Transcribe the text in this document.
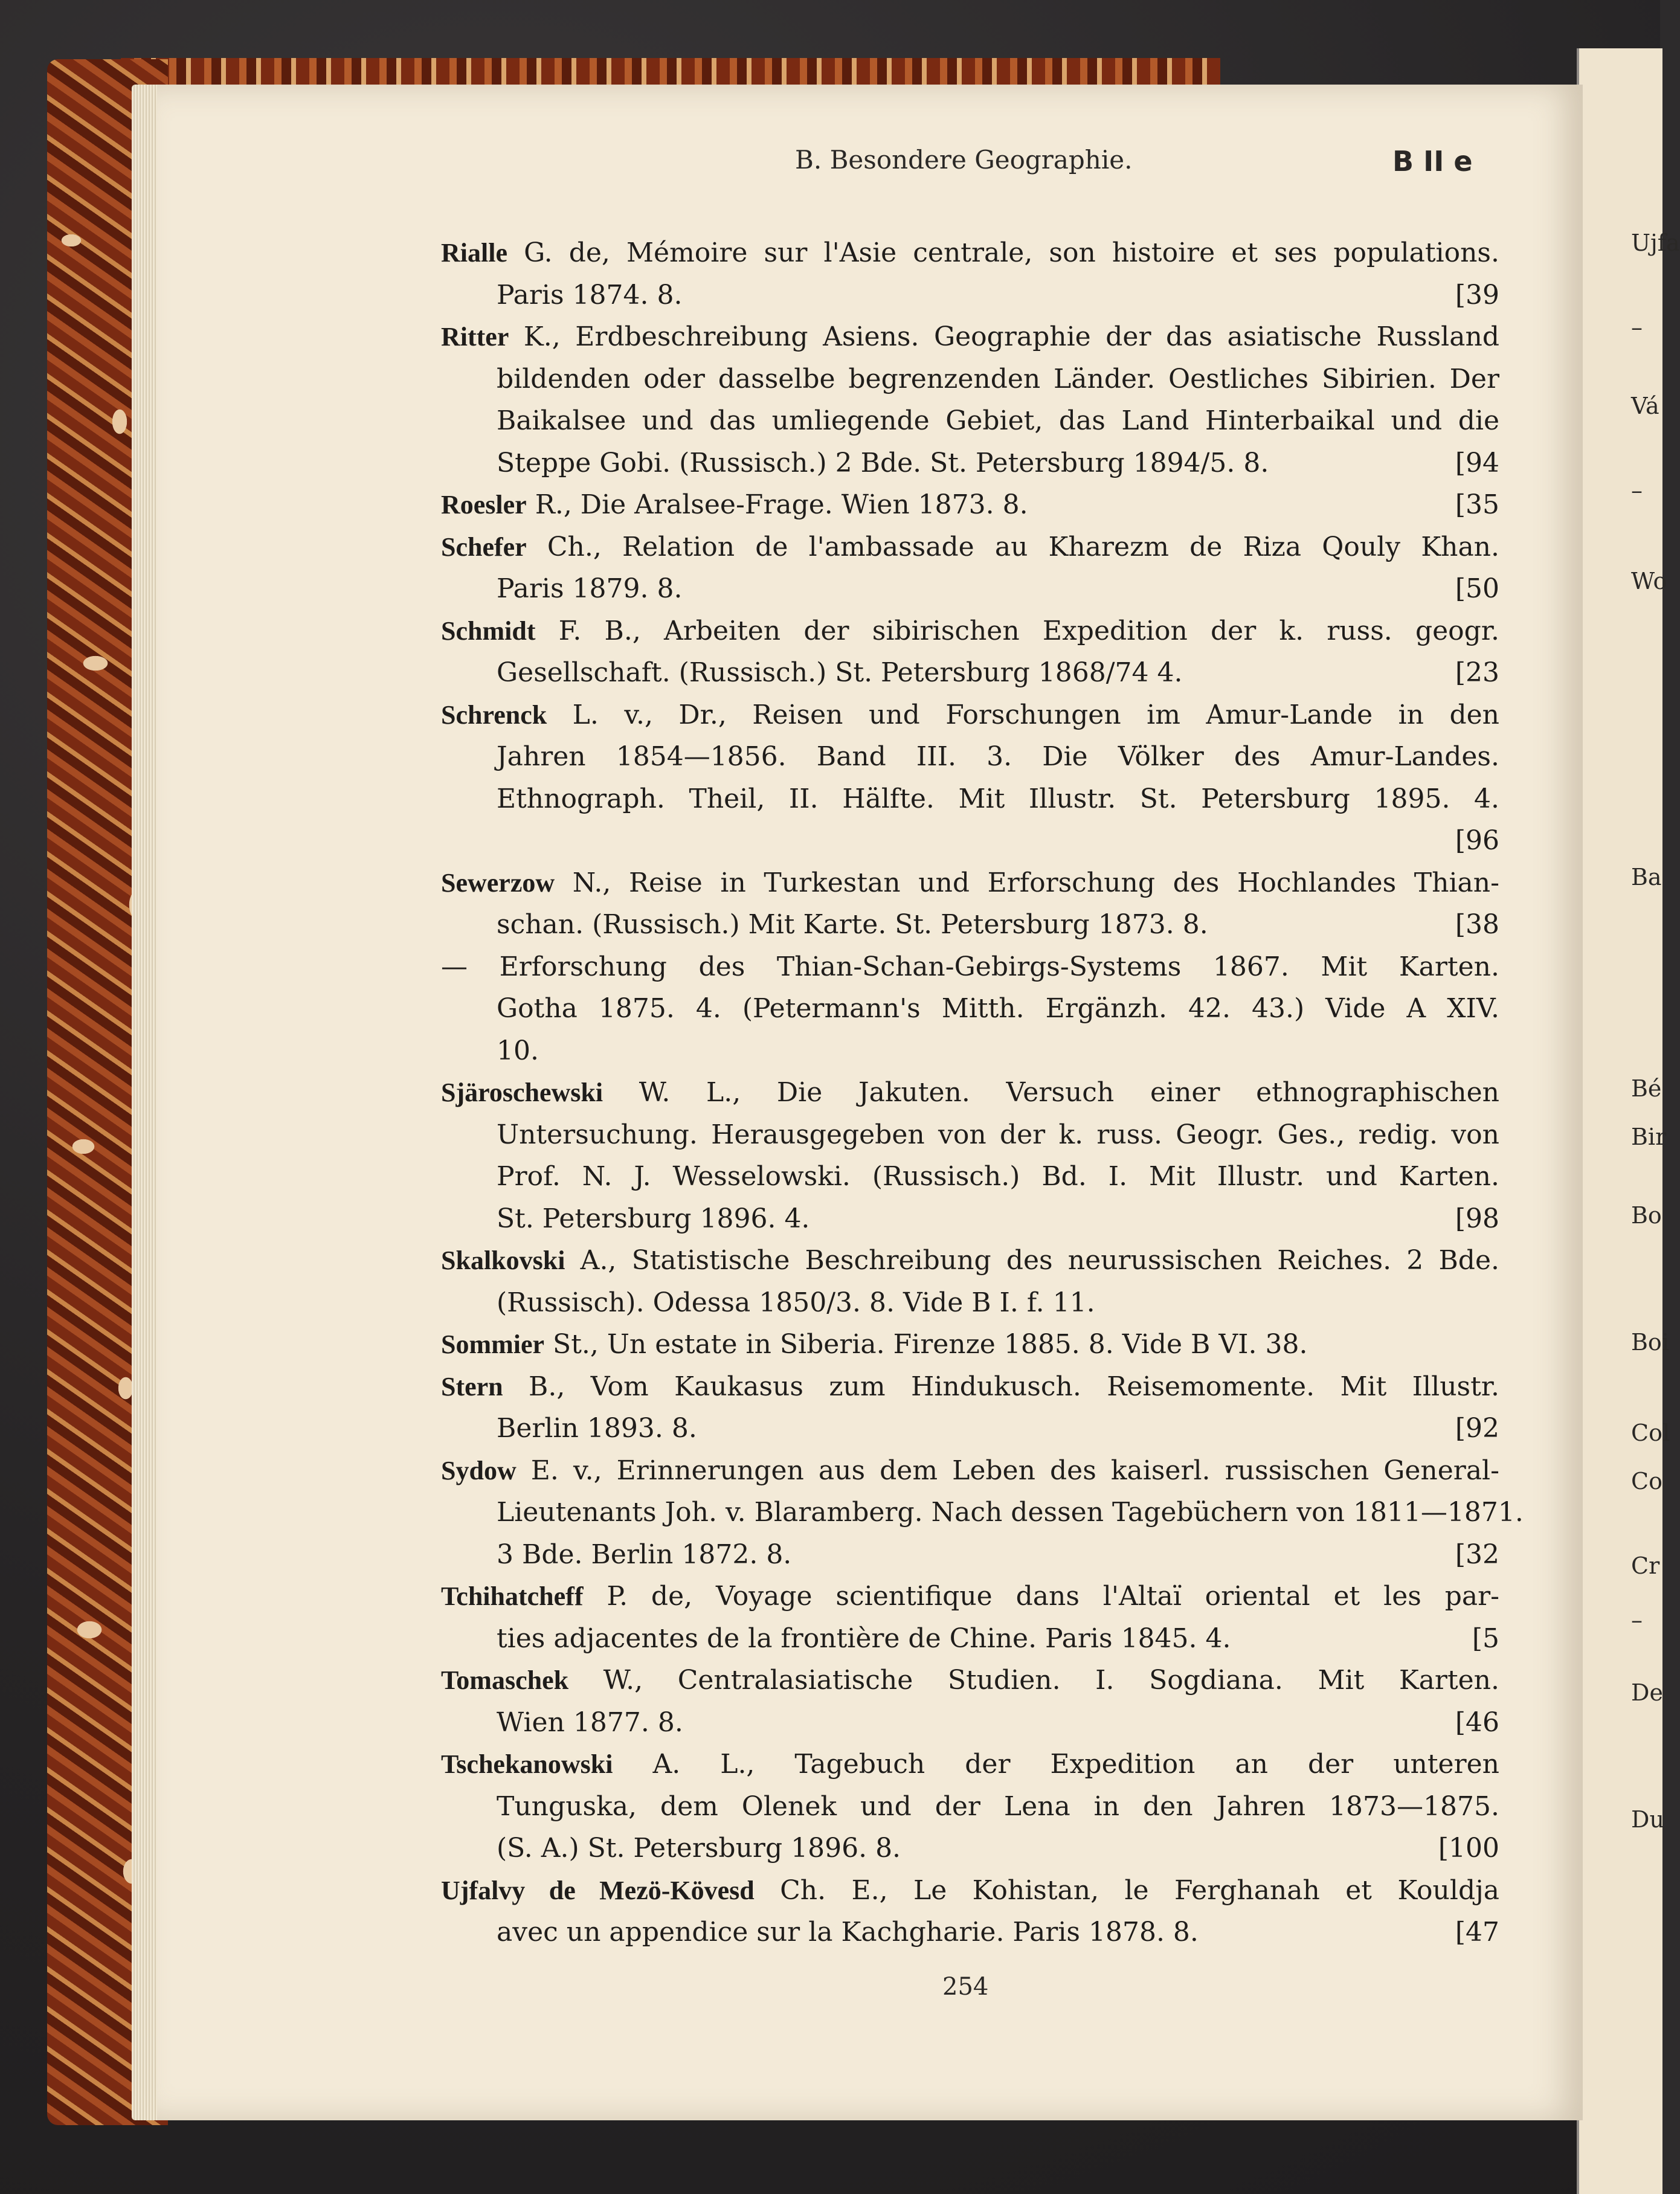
Ujfa
–
Vá
–
Wo
Ba
Bé
Bir
Bo
Boi
Col
Co
Cr
–
De
Du
B. Besondere Geographie.	B II e
Rialle G. de, Mémoire sur l'Asie centrale, son histoire et ses populations.
Paris 1874. 8.	[39
Ritter K., Erdbeschreibung Asiens. Geographie der das asiatische Russland
bildenden oder dasselbe begrenzenden Länder. Oestliches Sibirien. Der
Baikalsee und das umliegende Gebiet, das Land Hinterbaikal und die
Steppe Gobi. (Russisch.) 2 Bde. St. Petersburg 1894/5. 8.	[94
Roesler R., Die Aralsee-Frage. Wien 1873. 8.	[35
Schefer Ch., Relation de l'ambassade au Kharezm de Riza Qouly Khan.
Paris 1879. 8.	[50
Schmidt F. B., Arbeiten der sibirischen Expedition der k. russ. geogr.
Gesellschaft. (Russisch.) St. Petersburg 1868/74 4.	[23
Schrenck L. v., Dr., Reisen und Forschungen im Amur-Lande in den
Jahren 1854—1856. Band III. 3. Die Völker des Amur-Landes.
Ethnograph. Theil, II. Hälfte. Mit Illustr. St. Petersburg 1895. 4.
[96
Sewerzow N., Reise in Turkestan und Erforschung des Hochlandes Thian-
schan. (Russisch.) Mit Karte. St. Petersburg 1873. 8.	[38
— Erforschung des Thian-Schan-Gebirgs-Systems 1867. Mit Karten.
Gotha 1875. 4. (Petermann's Mitth. Ergänzh. 42. 43.) Vide A XIV.
10.
Sjäroschewski W. L., Die Jakuten. Versuch einer ethnographischen
Untersuchung. Herausgegeben von der k. russ. Geogr. Ges., redig. von
Prof. N. J. Wesselowski. (Russisch.) Bd. I. Mit Illustr. und Karten.
St. Petersburg 1896. 4.	[98
Skalkovski A., Statistische Beschreibung des neurussischen Reiches. 2 Bde.
(Russisch). Odessa 1850/3. 8. Vide B I. f. 11.
Sommier St., Un estate in Siberia. Firenze 1885. 8. Vide B VI. 38.
Stern B., Vom Kaukasus zum Hindukusch. Reisemomente. Mit Illustr.
Berlin 1893. 8.	[92
Sydow E. v., Erinnerungen aus dem Leben des kaiserl. russischen General-
Lieutenants Joh. v. Blaramberg. Nach dessen Tagebüchern von 1811—1871.
3 Bde. Berlin 1872. 8.	[32
Tchihatcheff P. de, Voyage scientifique dans l'Altaï oriental et les par-
ties adjacentes de la frontière de Chine. Paris 1845. 4.	[5
Tomaschek W., Centralasiatische Studien. I. Sogdiana. Mit Karten.
Wien 1877. 8.	[46
Tschekanowski A. L., Tagebuch der Expedition an der unteren
Tunguska, dem Olenek und der Lena in den Jahren 1873—1875.
(S. A.) St. Petersburg 1896. 8.	[100
Ujfalvy de Mezö-Kövesd Ch. E., Le Kohistan, le Ferghanah et Kouldja
avec un appendice sur la Kachgharie. Paris 1878. 8.	[47
254
